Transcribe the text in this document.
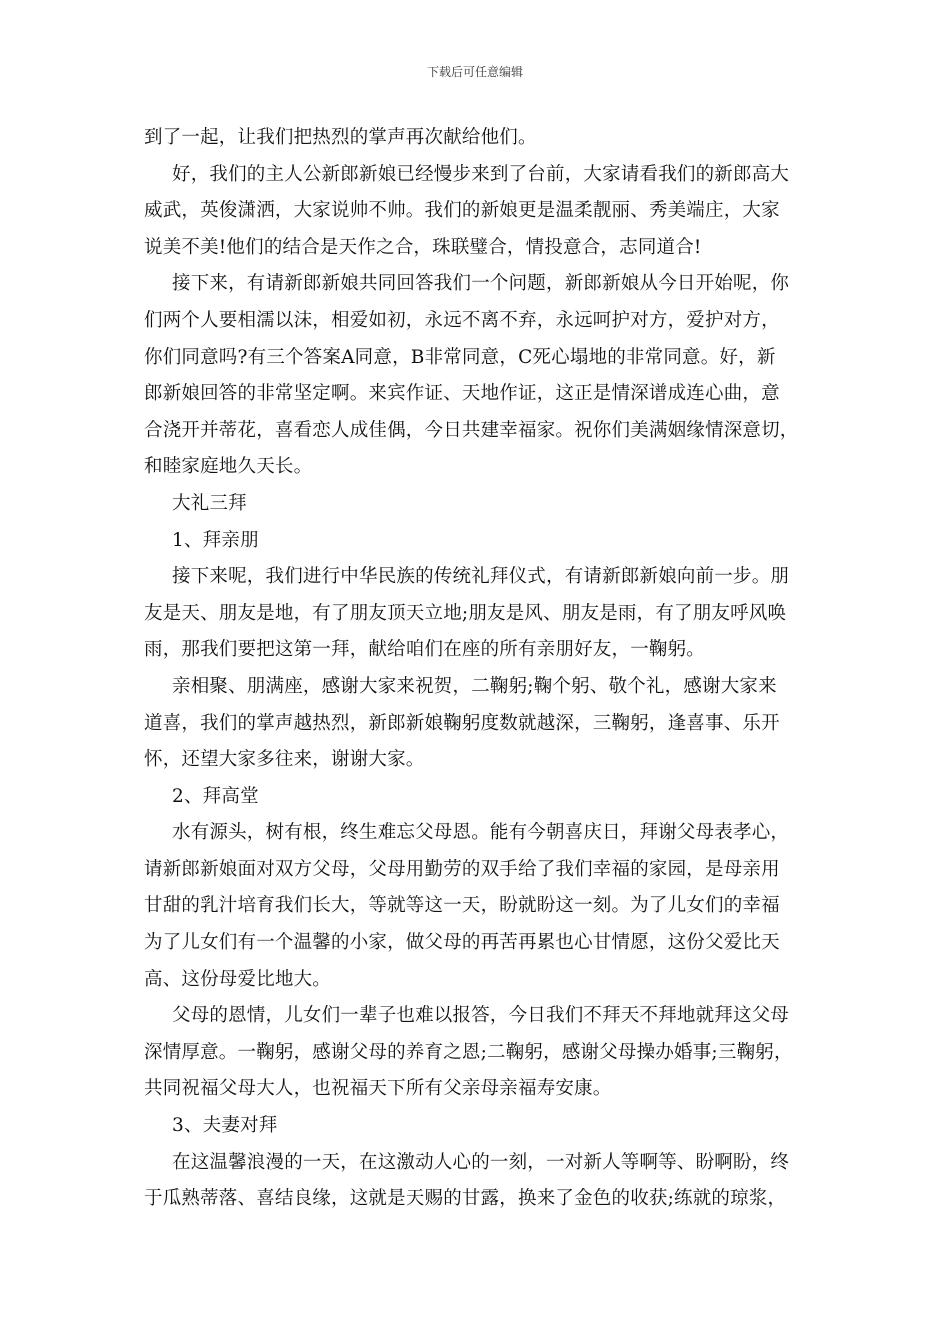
下载后可任意编辑
到了一起，让我们把热烈的掌声再次献给他们。
好，我们的主人公新郎新娘已经慢步来到了台前，大家请看我们的新郎高大
威武，英俊潇洒，大家说帅不帅。我们的新娘更是温柔靓丽、秀美端庄，大家
说美不美!他们的结合是天作之合，珠联璧合，情投意合，志同道合!
接下来，有请新郎新娘共同回答我们一个问题，新郎新娘从今日开始呢，你
们两个人要相濡以沫，相爱如初，永远不离不弃，永远呵护对方，爱护对方，
你们同意吗?有三个答案A同意，B非常同意，C死心塌地的非常同意。好，新
郎新娘回答的非常坚定啊。来宾作证、天地作证，这正是情深谱成连心曲，意
合浇开并蒂花，喜看恋人成佳偶，今日共建幸福家。祝你们美满姻缘情深意切，
和睦家庭地久天长。
大礼三拜
1、拜亲朋
接下来呢，我们进行中华民族的传统礼拜仪式，有请新郎新娘向前一步。朋
友是天、朋友是地，有了朋友顶天立地;朋友是风、朋友是雨，有了朋友呼风唤
雨，那我们要把这第一拜，献给咱们在座的所有亲朋好友，一鞠躬。
亲相聚、朋满座，感谢大家来祝贺，二鞠躬;鞠个躬、敬个礼，感谢大家来
道喜，我们的掌声越热烈，新郎新娘鞠躬度数就越深，三鞠躬，逢喜事、乐开
怀，还望大家多往来，谢谢大家。
2、拜高堂
水有源头，树有根，终生难忘父母恩。能有今朝喜庆日，拜谢父母表孝心，
请新郎新娘面对双方父母，父母用勤劳的双手给了我们幸福的家园，是母亲用
甘甜的乳汁培育我们长大，等就等这一天，盼就盼这一刻。为了儿女们的幸福
为了儿女们有一个温馨的小家，做父母的再苦再累也心甘情愿，这份父爱比天
高、这份母爱比地大。
父母的恩情，儿女们一辈子也难以报答，今日我们不拜天不拜地就拜这父母
深情厚意。一鞠躬，感谢父母的养育之恩;二鞠躬，感谢父母操办婚事;三鞠躬，
共同祝福父母大人，也祝福天下所有父亲母亲福寿安康。
3、夫妻对拜
在这温馨浪漫的一天，在这激动人心的一刻，一对新人等啊等、盼啊盼，终
于瓜熟蒂落、喜结良缘，这就是天赐的甘露，换来了金色的收获;练就的琼浆，
